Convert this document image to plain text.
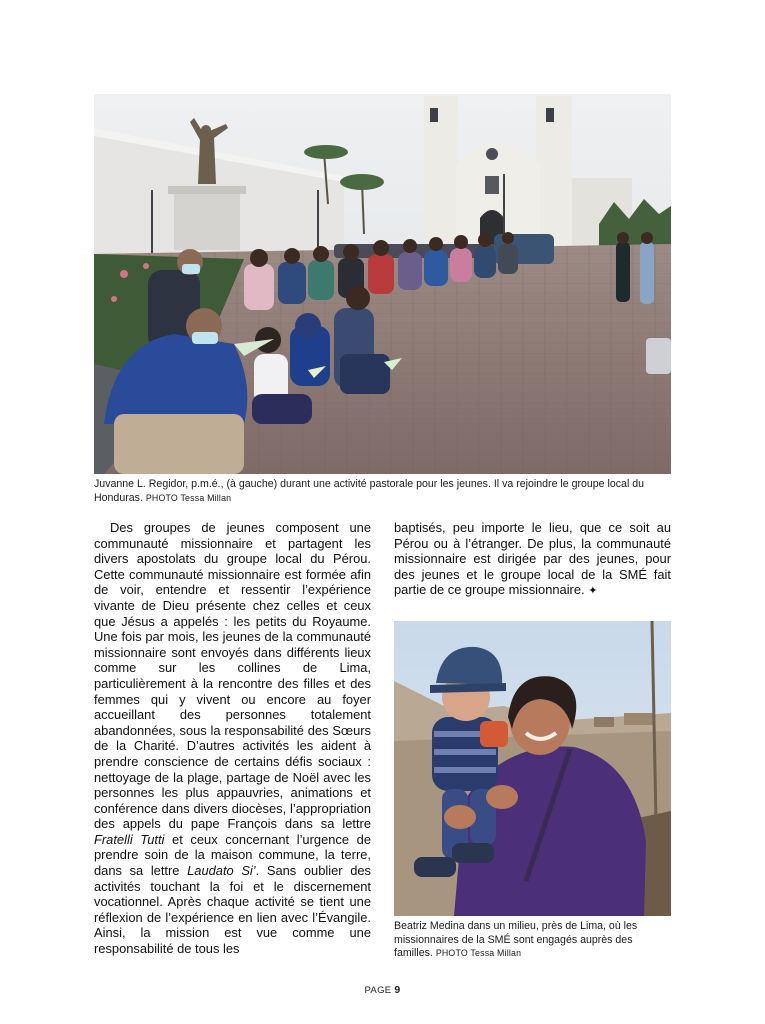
Juvanne L. Regidor, p.m.é., (à gauche) durant une activité pastorale pour les jeunes. Il va rejoindre le groupe local du Honduras. PHOTO Tessa Millan

Des groupes de jeunes composent une communauté missionnaire et partagent les divers apostolats du groupe local du Pérou. Cette communauté missionnaire est formée afin de voir, entendre et ressentir l’expérience vivante de Dieu présente chez celles et ceux que Jésus a appelés : les petits du Royaume. Une fois par mois, les jeunes de la communauté missionnaire sont envoyés dans différents lieux comme sur les collines de Lima, particulièrement à la rencontre des filles et des femmes qui y vivent ou encore au foyer accueillant des personnes totalement abandonnées, sous la responsabilité des Sœurs de la Charité. D’autres activités les aident à prendre conscience de certains défis sociaux : nettoyage de la plage, partage de Noël avec les personnes les plus appauvries, animations et conférence dans divers diocèses, l’appropriation des appels du pape François dans sa lettre Fratelli Tutti et ceux concernant l’urgence de prendre soin de la maison commune, la terre, dans sa lettre Laudato Si’. Sans oublier des activités touchant la foi et le discernement vocationnel. Après chaque activité se tient une réflexion de l’expérience en lien avec l’Évangile. Ainsi, la mission est vue comme une responsabilité de tous les

baptisés, peu importe le lieu, que ce soit au Pérou ou à l’étranger. De plus, la communauté missionnaire est dirigée par des jeunes, pour des jeunes et le groupe local de la SMÉ fait partie de ce groupe missionnaire. ✦

Beatriz Medina dans un milieu, près de Lima, où les missionnaires de la SMÉ sont engagés auprès des familles. PHOTO Tessa Millan
PAGE 9
